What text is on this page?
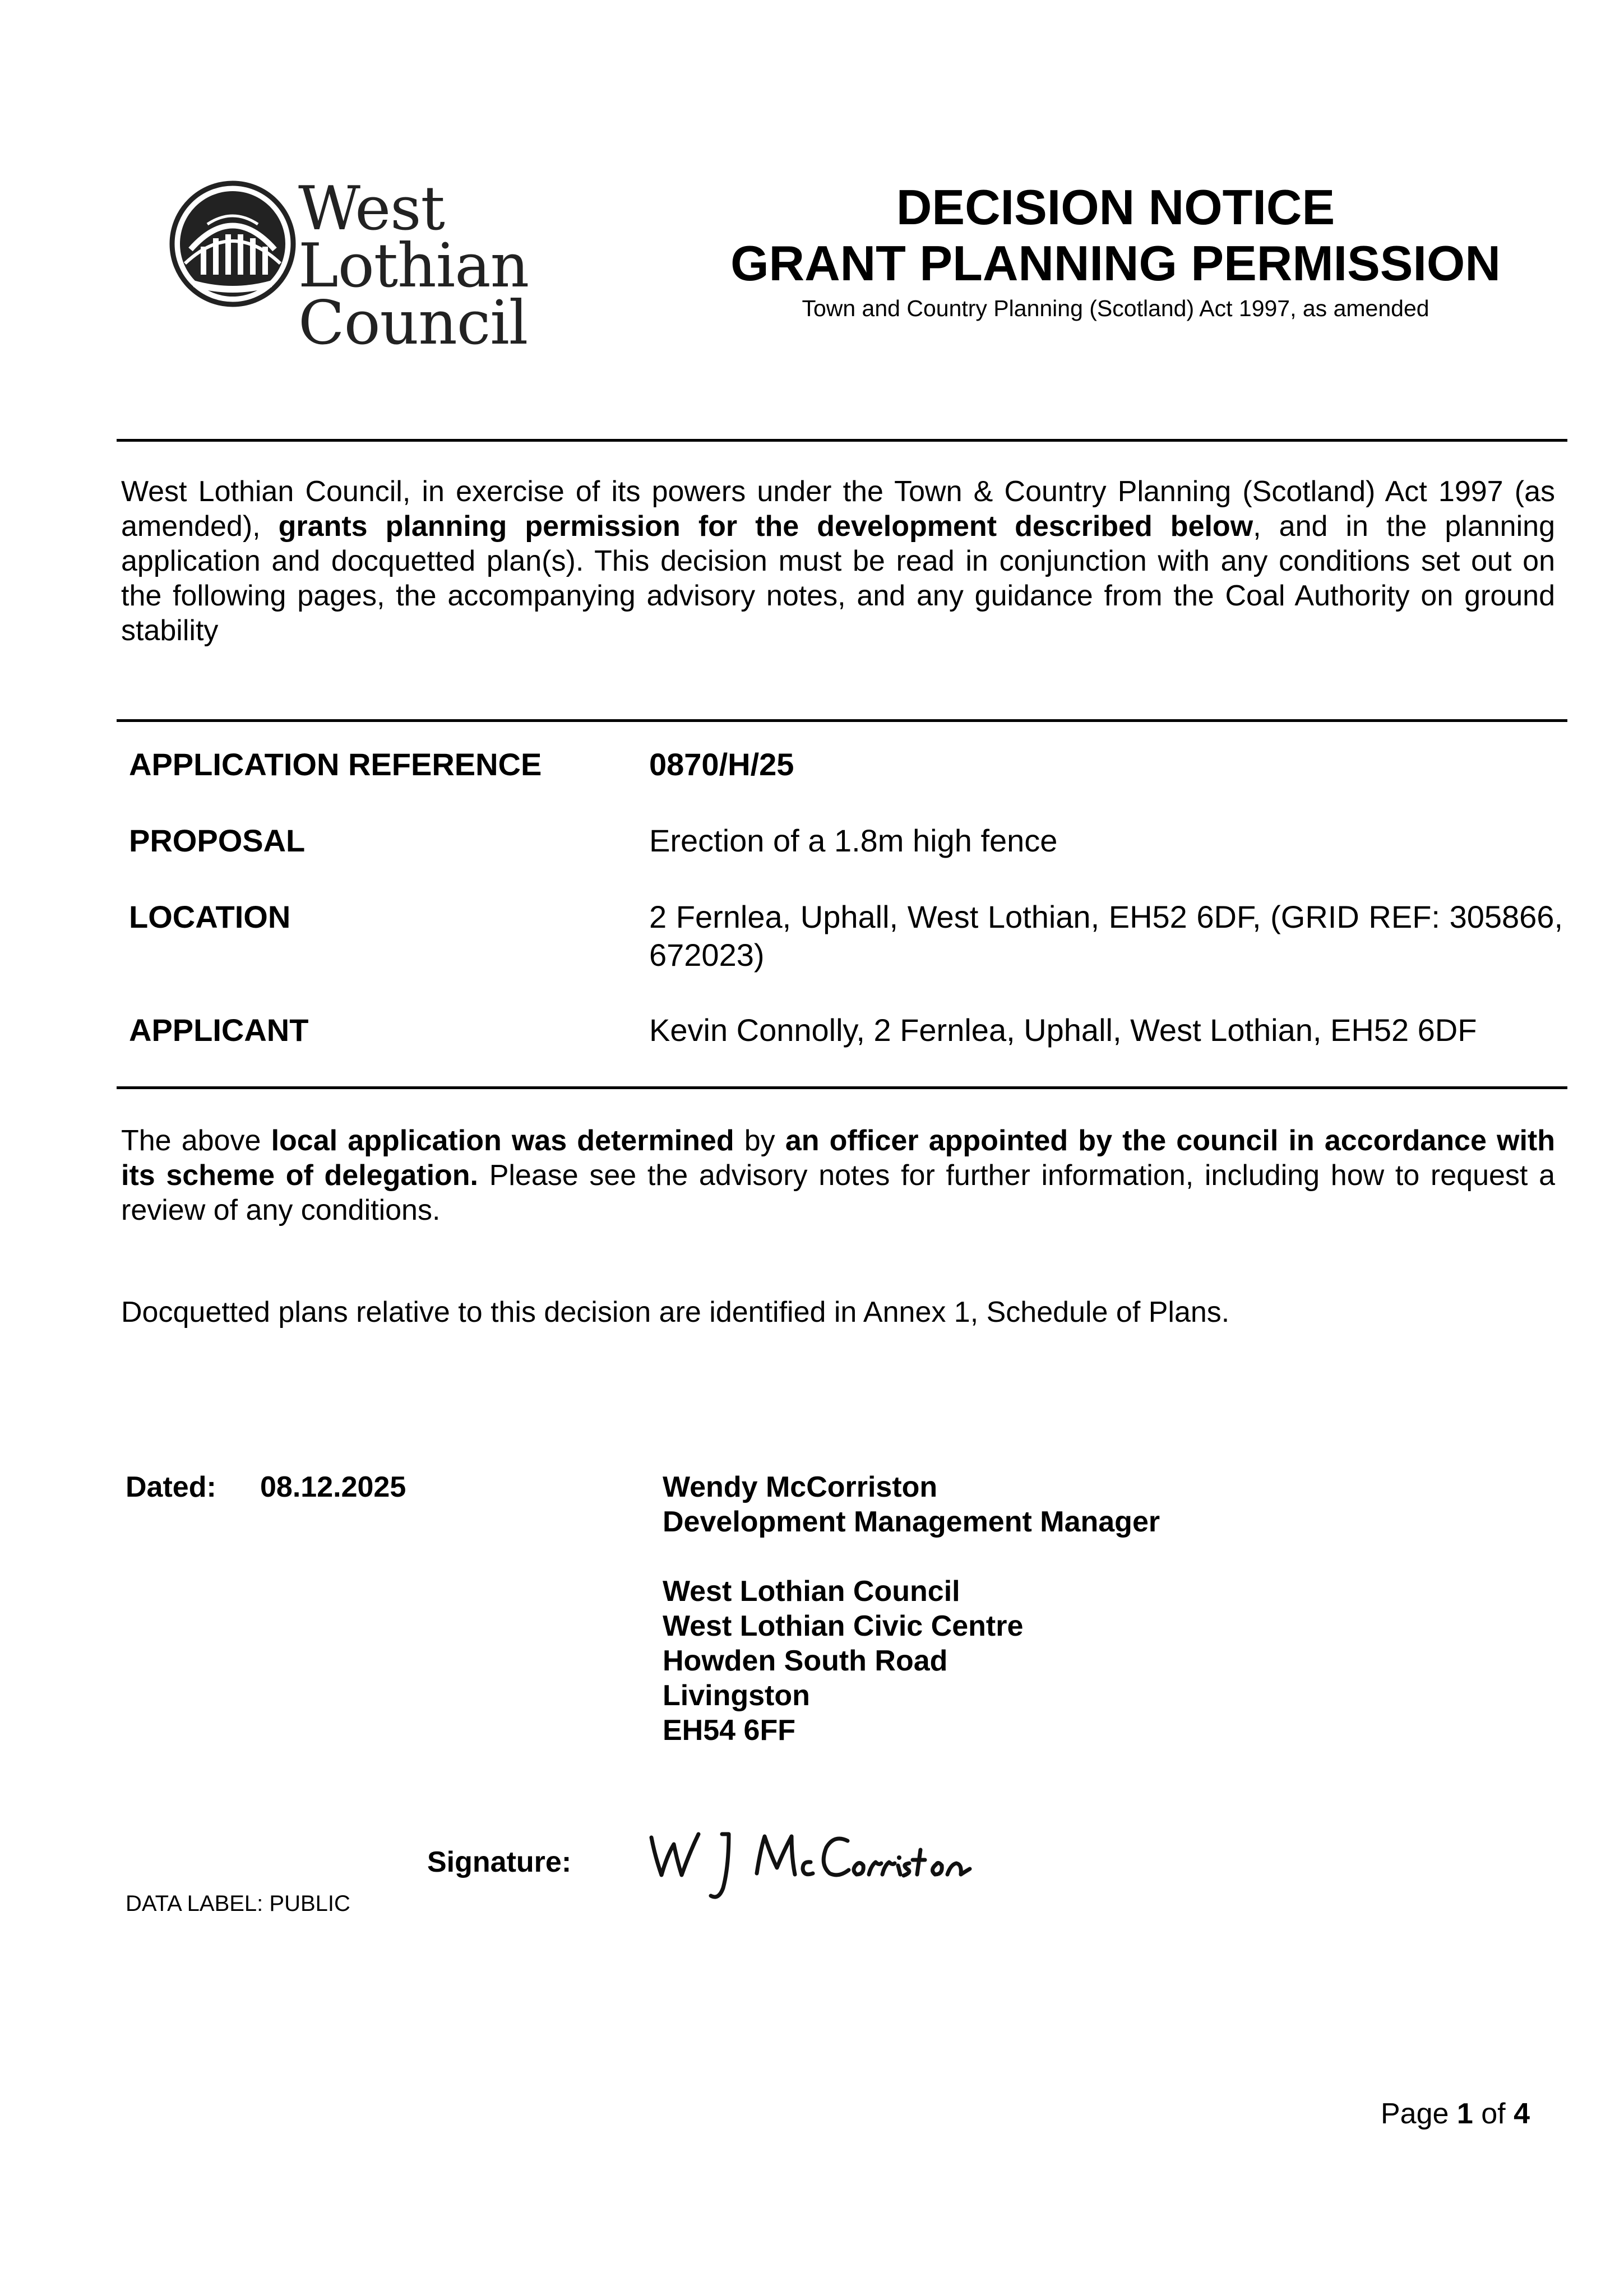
West Lothian
Council
DECISION NOTICE
GRANT PLANNING PERMISSION
Town and Country Planning (Scotland) Act 1997, as amended
West Lothian Council, in exercise of its powers under the Town & Country Planning (Scotland) Act 1997 (as amended), grants planning permission for the development described below, and in the planning application and docquetted plan(s). This decision must be read in conjunction with any conditions set out on the following pages, the accompanying advisory notes, and any guidance from the Coal Authority on ground stability
APPLICATION REFERENCE	0870/H/25
PROPOSAL	Erection of a 1.8m high fence
LOCATION	2 Fernlea, Uphall, West Lothian, EH52 6DF, (GRID REF: 305866, 672023)
APPLICANT	Kevin Connolly, 2 Fernlea, Uphall, West Lothian, EH52 6DF
The above local application was determined by an officer appointed by the council in accordance with its scheme of delegation. Please see the advisory notes for further information, including how to request a review of any conditions.
Docquetted plans relative to this decision are identified in Annex 1, Schedule of Plans.
Dated: 08.12.2025	Wendy McCorriston
Development Management Manager
West Lothian Council
West Lothian Civic Centre
Howden South Road
Livingston
EH54 6FF
Signature:
DATA LABEL: PUBLIC
Page 1 of 4
